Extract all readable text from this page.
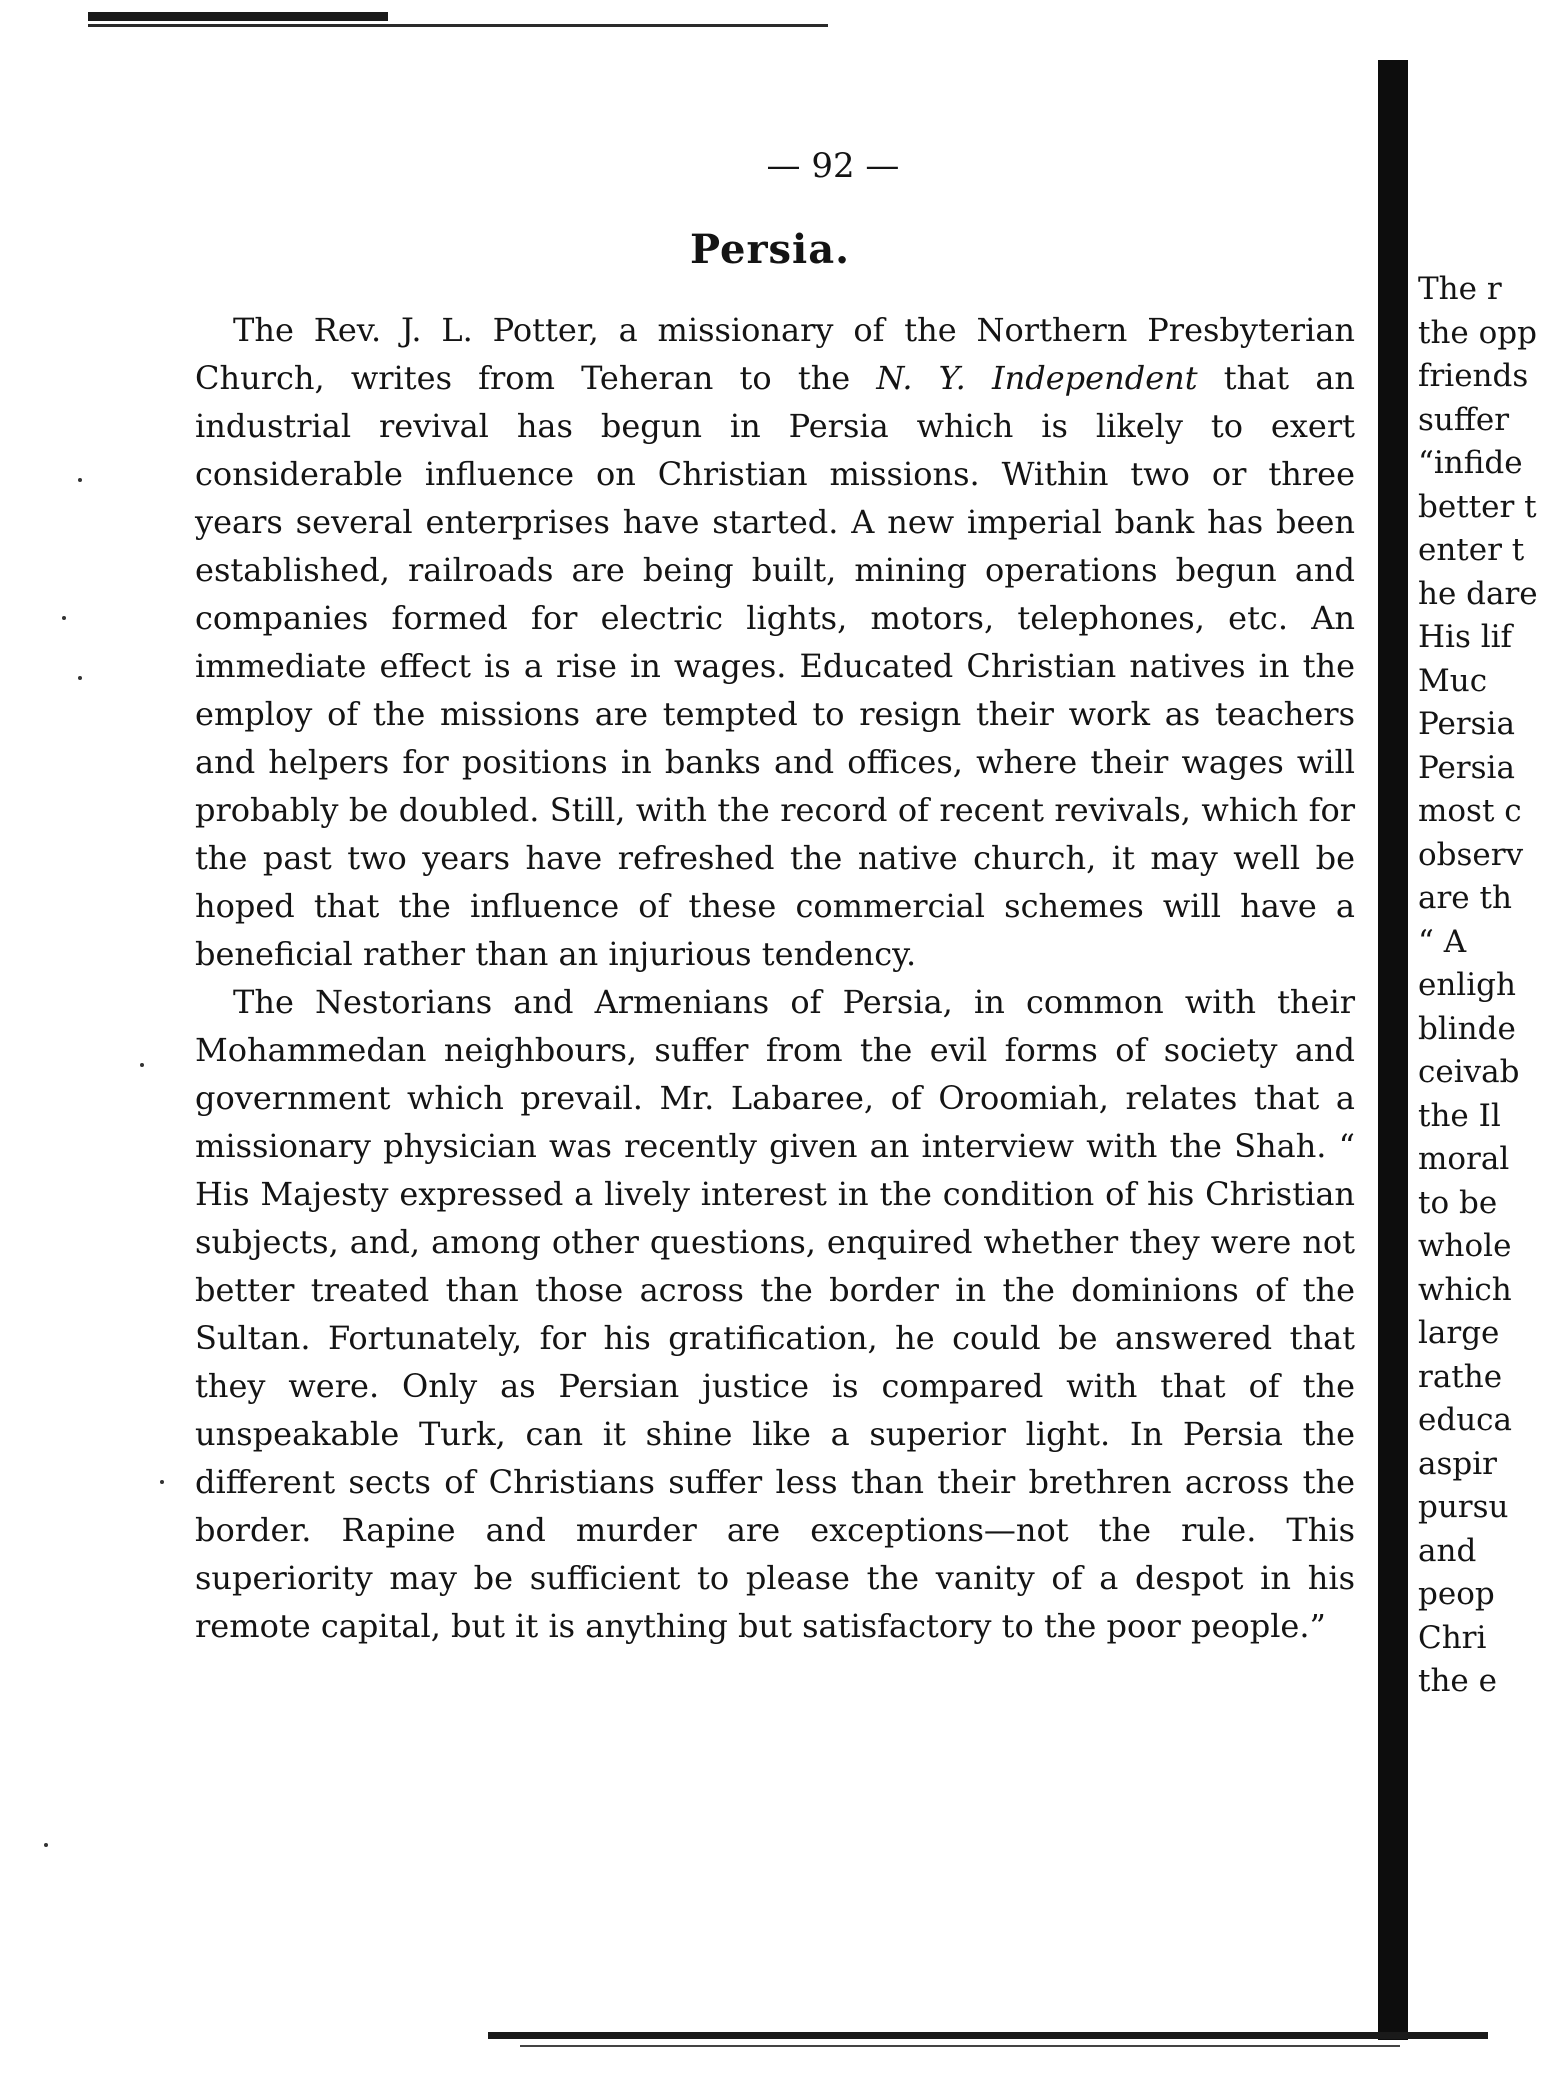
— 92 —
Persia.

The Rev. J. L. Potter, a missionary of the Northern Presbyterian Church, writes from Teheran to the N. Y. Independent that an industrial revival has begun in Persia which is likely to exert considerable influence on Christian missions. Within two or three years several enterprises have started. A new imperial bank has been established, railroads are being built, mining operations begun and companies formed for electric lights, motors, telephones, etc. An immediate effect is a rise in wages. Educated Christian natives in the employ of the missions are tempted to resign their work as teachers and helpers for positions in banks and offices, where their wages will probably be doubled. Still, with the record of recent revivals, which for the past two years have refreshed the native church, it may well be hoped that the influence of these commercial schemes will have a beneficial rather than an injurious tendency.

The Nestorians and Armenians of Persia, in common with their Mohammedan neighbours, suffer from the evil forms of society and government which prevail. Mr. Labaree, of Oroomiah, relates that a missionary physician was recently given an interview with the Shah. “ His Majesty expressed a lively interest in the condition of his Christian subjects, and, among other questions, enquired whether they were not better treated than those across the border in the dominions of the Sultan. Fortunately, for his gratification, he could be answered that they were. Only as Persian justice is compared with that of the unspeakable Turk, can it shine like a superior light. In Persia the different sects of Christians suffer less than their brethren across the border. Rapine and murder are exceptions—not the rule. This superiority may be sufficient to please the vanity of a despot in his remote capital, but it is anything but satisfactory to the poor people.”

The r
the opp
friends
suffer
“infide
better t
enter t
he dare
His lif
Muc
Persia
Persia
most c
observ
are th
“ A
enligh
blinde
ceivab
the Il
moral
to be
whole
which
large
rathe
educa
aspir
pursu
and
peop
Chri
the e
